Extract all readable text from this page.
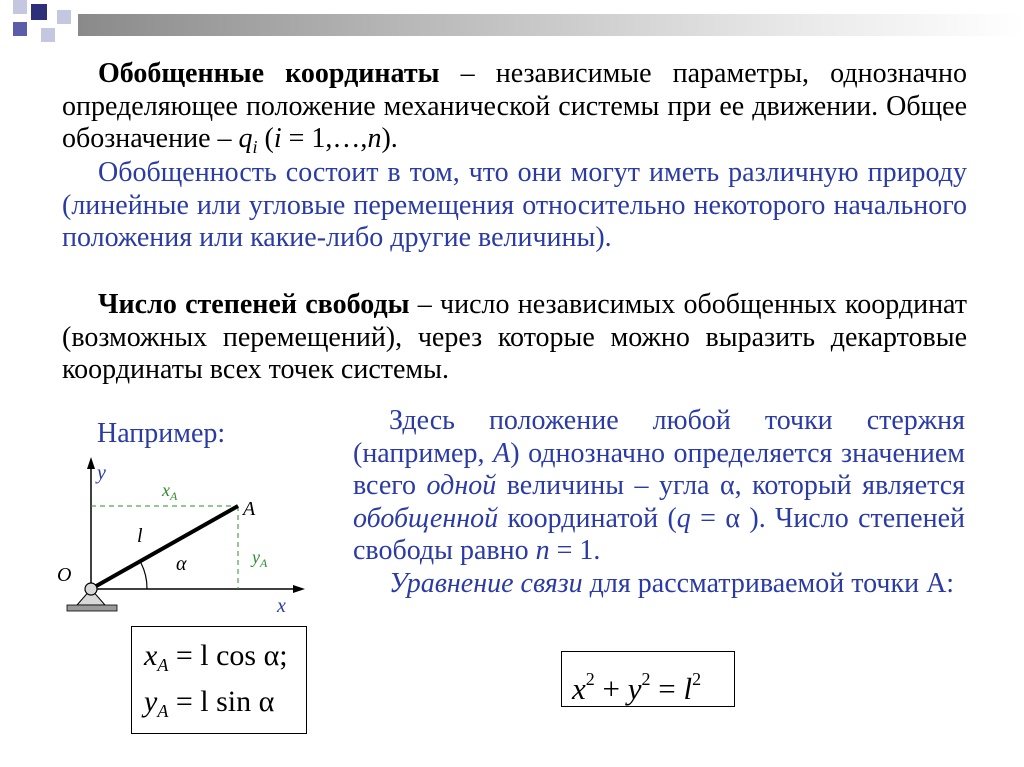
Обобщенные координаты – независимые параметры, однозначно определяющее положение механической системы при ее движении. Общее обозначение – $q_i$ (i = 1,…,n).

Обобщенность состоит в том, что они могут иметь различную природу (линейные или угловые перемещения относительно некоторого начального положения или какие-либо другие величины).

Число степеней свободы – число независимых обобщенных координат (возможных перемещений), через которые можно выразить декартовые координаты всех точек системы.

Например:	Здесь положение любой точки стержня (например, A) однозначно определяется значением всего одной величины – угла α, который является обобщенной координатой (q = α ). Число степеней свободы равно n = 1.
Уравнение связи для рассматриваемой точки А:

y
x
O
A
l
α
$x_A$
$y_A$
$x_A = l$ cos α;
$y_A = l$ sin α	$x^2 + y^2 = l^2$
